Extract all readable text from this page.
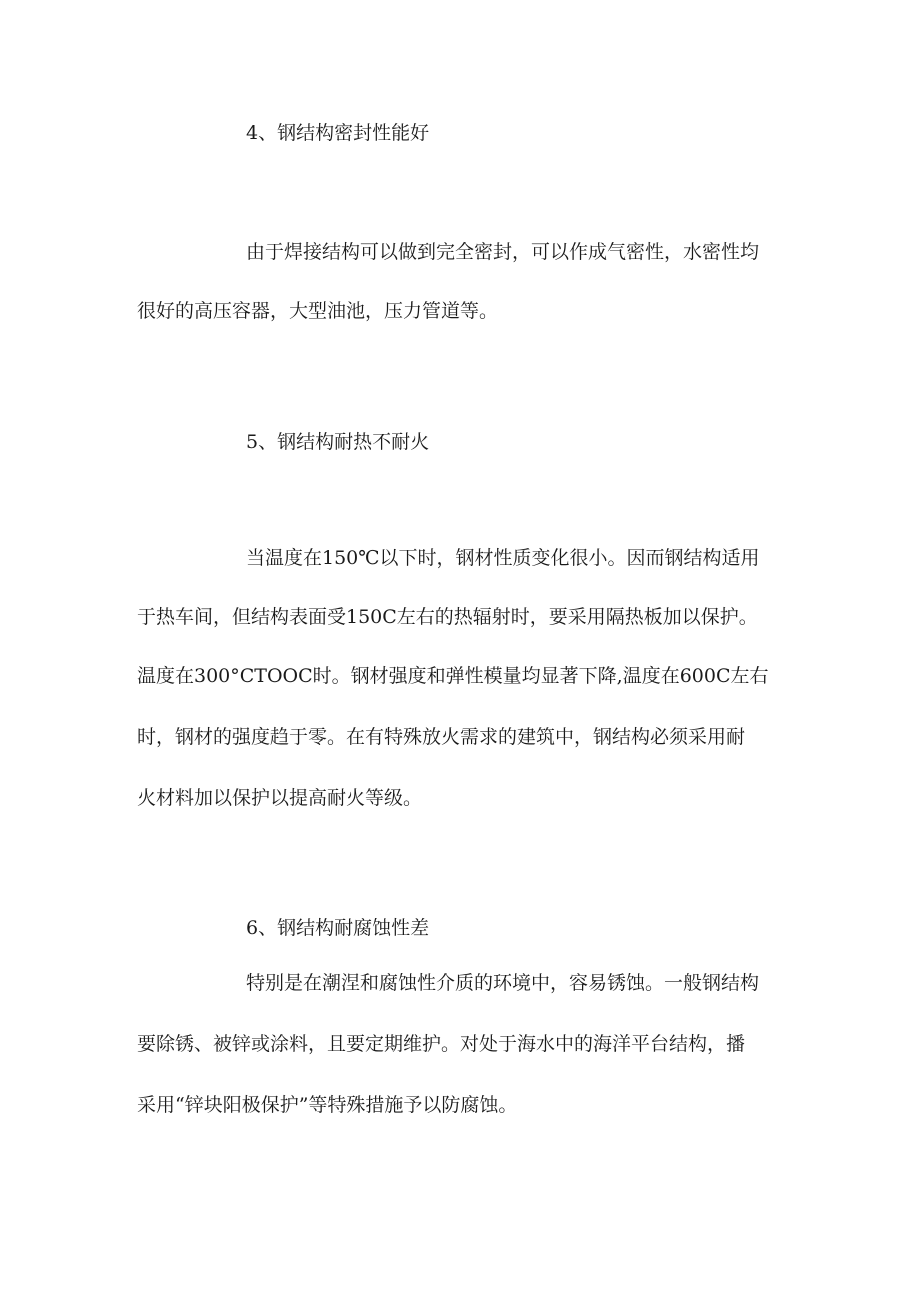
4、钢结构密封性能好
由于焊接结构可以做到完全密封，可以作成气密性，水密性均
很好的高压容器，大型油池，压力管道等。
5、钢结构耐热不耐火
当温度在150℃以下时，钢材性质变化很小。因而钢结构适用
于热车间，但结构表面受150C左右的热辐射时，要采用隔热板加以保护。
温度在300°CTOOC时。钢材强度和弹性模量均显著下降,温度在600C左右
时，钢材的强度趋于零。在有特殊放火需求的建筑中，钢结构必须采用耐
火材料加以保护以提高耐火等级。
6、钢结构耐腐蚀性差
特别是在潮涅和腐蚀性介质的环境中，容易锈蚀。一般钢结构
要除锈、被锌或涂料，且要定期维护。对处于海水中的海洋平台结构，播
采用“锌块阳极保护”等特殊措施予以防腐蚀。
